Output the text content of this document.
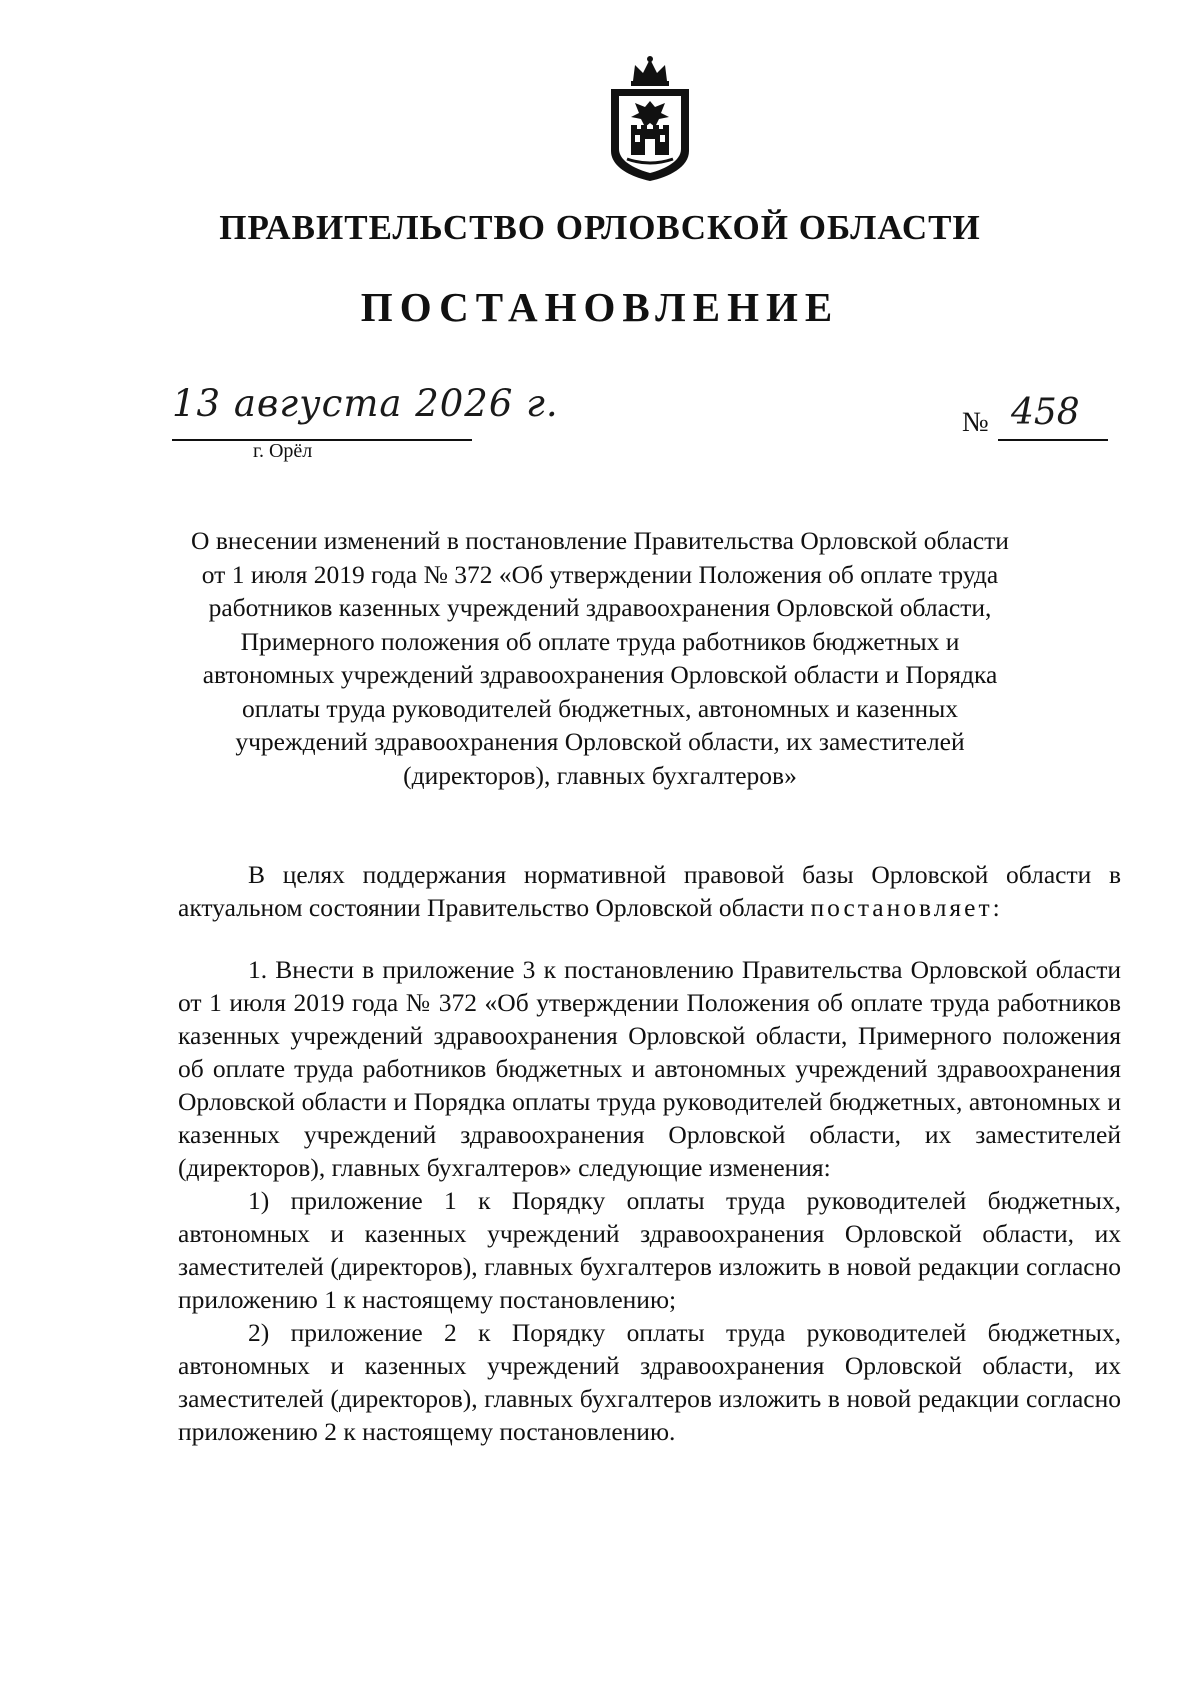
ПРАВИТЕЛЬСТВО ОРЛОВСКОЙ ОБЛАСТИ
ПОСТАНОВЛЕНИЕ
13 августа 2026 г.
г. Орёл
№ 458

О внесении изменений в постановление Правительства Орловской области от 1 июля 2019 года № 372 «Об утверждении Положения об оплате труда работников казенных учреждений здравоохранения Орловской области, Примерного положения об оплате труда работников бюджетных и автономных учреждений здравоохранения Орловской области и Порядка оплаты труда руководителей бюджетных, автономных и казенных учреждений здравоохранения Орловской области, их заместителей (директоров), главных бухгалтеров»

В целях поддержания нормативной правовой базы Орловской области в актуальном состоянии Правительство Орловской области постановляет:

1. Внести в приложение 3 к постановлению Правительства Орловской области от 1 июля 2019 года № 372 «Об утверждении Положения об оплате труда работников казенных учреждений здравоохранения Орловской области, Примерного положения об оплате труда работников бюджетных и автономных учреждений здравоохранения Орловской области и Порядка оплаты труда руководителей бюджетных, автономных и казенных учреждений здравоохранения Орловской области, их заместителей (директоров), главных бухгалтеров» следующие изменения:

1) приложение 1 к Порядку оплаты труда руководителей бюджетных, автономных и казенных учреждений здравоохранения Орловской области, их заместителей (директоров), главных бухгалтеров изложить в новой редакции согласно приложению 1 к настоящему постановлению;

2) приложение 2 к Порядку оплаты труда руководителей бюджетных, автономных и казенных учреждений здравоохранения Орловской области, их заместителей (директоров), главных бухгалтеров изложить в новой редакции согласно приложению 2 к настоящему постановлению.
